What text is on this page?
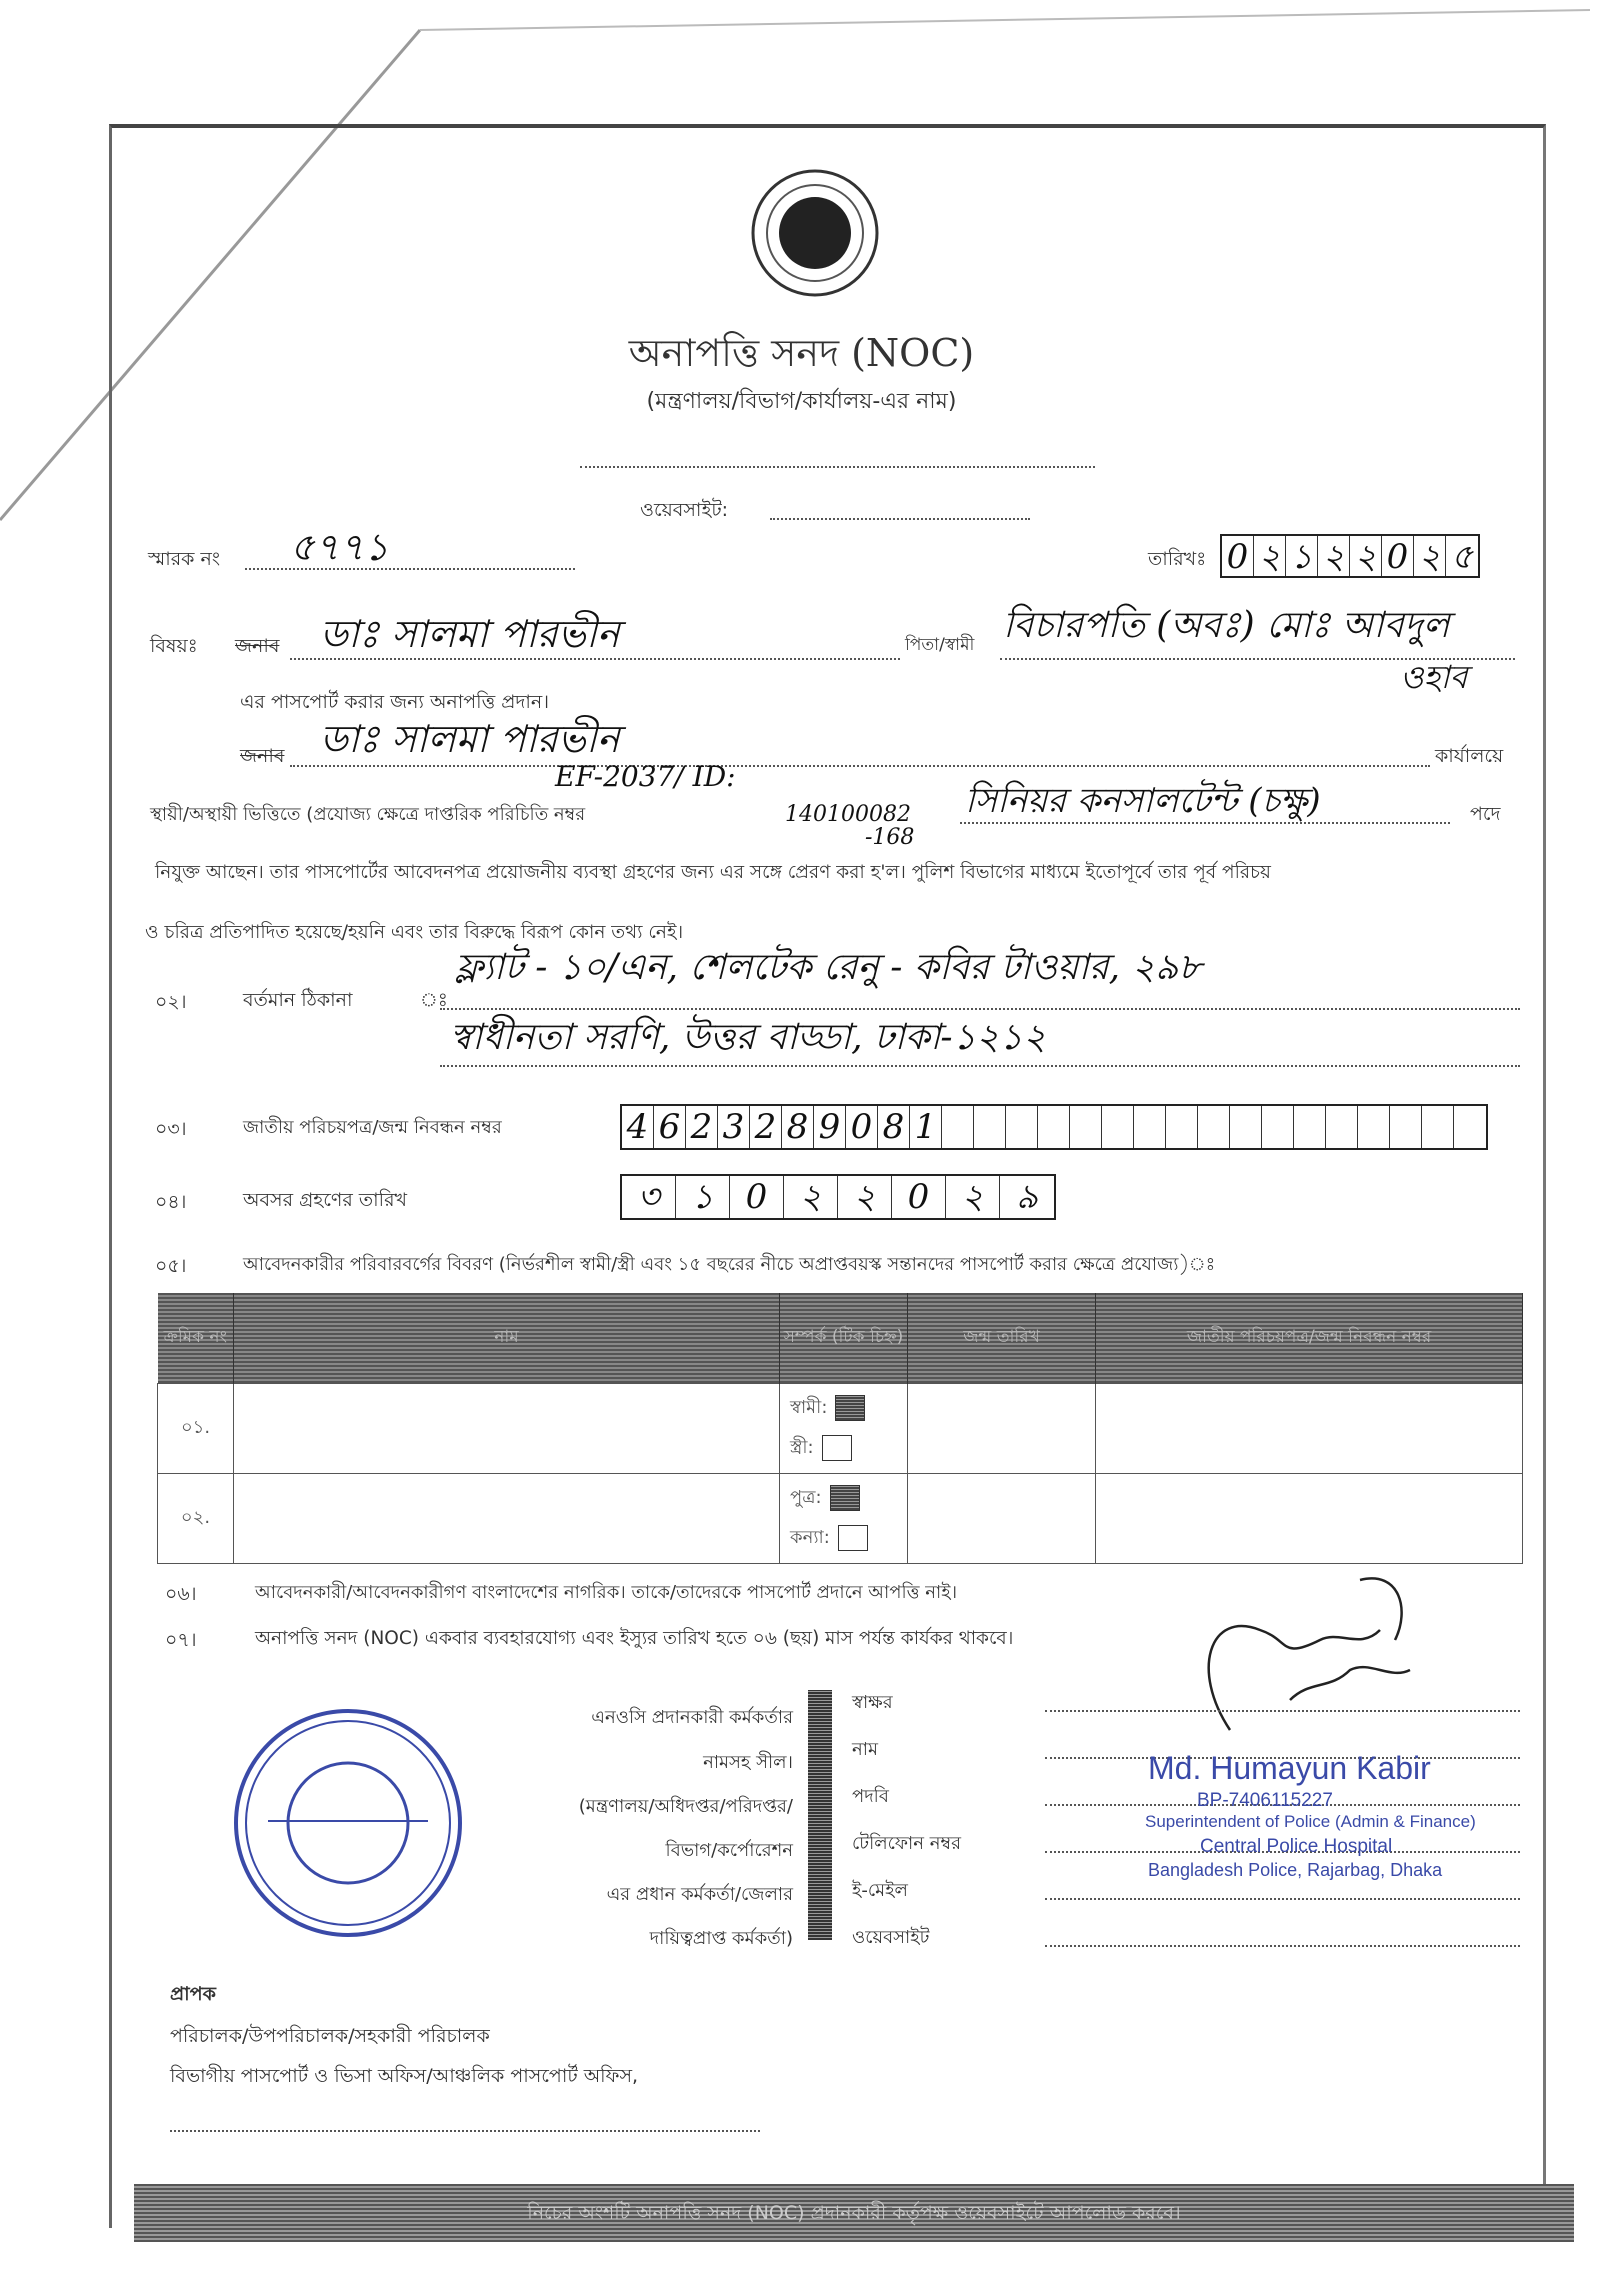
অনাপত্তি সনদ (NOC)
(মন্ত্রণালয়/বিভাগ/কার্যালয়-এর নাম)
ওয়েবসাইট:
স্মারক নং ৫৭৭১	তারিখঃ 0 ২ ১ ২ ২ 0 ২ ৫
বিষয়ঃ জনাব ডাঃ সালমা পারভীন	পিতা/স্বামী বিচারপতি (অবঃ) মোঃ আবদুল
ওহাব
এর পাসপোর্ট করার জন্য অনাপত্তি প্রদান।
জনাব ডাঃ সালমা পারভীন	কার্যালয়ে
স্থায়ী/অস্থায়ী ভিত্তিতে (প্রযোজ্য ক্ষেত্রে দাপ্তরিক পরিচিতি নম্বর
EF-2037/ ID:
140100082
-168
সিনিয়র কনসালটেন্ট (চক্ষু)	পদে
নিযুক্ত আছেন। তার পাসপোর্টের আবেদনপত্র প্রয়োজনীয় ব্যবস্থা গ্রহণের জন্য এর সঙ্গে প্রেরণ করা হ'ল। পুলিশ বিভাগের মাধ্যমে ইতোপূর্বে তার পূর্ব পরিচয়
ও চরিত্র প্রতিপাদিত হয়েছে/হয়নি এবং তার বিরুদ্ধে বিরূপ কোন তথ্য নেই।
০২।	বর্তমান ঠিকানা	ঃ
ফ্ল্যাট - ১০/এন, শেলটেক রেনু - কবির টাওয়ার, ২৯৮
স্বাধীনতা সরণি, উত্তর বাড্ডা, ঢাকা-১২১২
০৩।	জাতীয় পরিচয়পত্র/জন্ম নিবন্ধন নম্বর	4 6 2 3 2 8 9 0 8 1
০৪।	অবসর গ্রহণের তারিখ	৩ ১ 0 ২ ২ 0 ২ ৯
০৫।	আবেদনকারীর পরিবারবর্গের বিবরণ (নির্ভরশীল স্বামী/স্ত্রী এবং ১৫ বছরের নীচে অপ্রাপ্তবয়স্ক সন্তানদের পাসপোর্ট করার ক্ষেত্রে প্রযোজ্য)ঃ
ক্রমিক নং	নাম	সম্পর্ক (টিক চিহ্ন)	জন্ম তারিখ	জাতীয় পরিচয়পত্র/জন্ম নিবন্ধন নম্বর
০১.		স্বামী:
স্ত্রী:		
০২.		পুত্র:
কন্যা:		
০৬।	আবেদনকারী/আবেদনকারীগণ বাংলাদেশের নাগরিক। তাকে/তাদেরকে পাসপোর্ট প্রদানে আপত্তি নাই।
০৭।	অনাপত্তি সনদ (NOC) একবার ব্যবহারযোগ্য এবং ইস্যুর তারিখ হতে ০৬ (ছয়) মাস পর্যন্ত কার্যকর থাকবে।
এনওসি প্রদানকারী কর্মকর্তার
নামসহ সীল।
(মন্ত্রণালয়/অধিদপ্তর/পরিদপ্তর/
বিভাগ/কর্পোরেশন
এর প্রধান কর্মকর্তা/জেলার
দায়িত্বপ্রাপ্ত কর্মকর্তা)
স্বাক্ষর
নাম
পদবি
টেলিফোন নম্বর
ই-মেইল
ওয়েবসাইট
Md. Humayun Kabir
BP-7406115227
Superintendent of Police (Admin & Finance)
Central Police Hospital
Bangladesh Police, Rajarbag, Dhaka
প্রাপক
পরিচালক/উপপরিচালক/সহকারী পরিচালক
বিভাগীয় পাসপোর্ট ও ভিসা অফিস/আঞ্চলিক পাসপোর্ট অফিস,
নিচের অংশটি অনাপত্তি সনদ (NOC) প্রদানকারী কর্তৃপক্ষ ওয়েবসাইটে আপলোড করবে।
